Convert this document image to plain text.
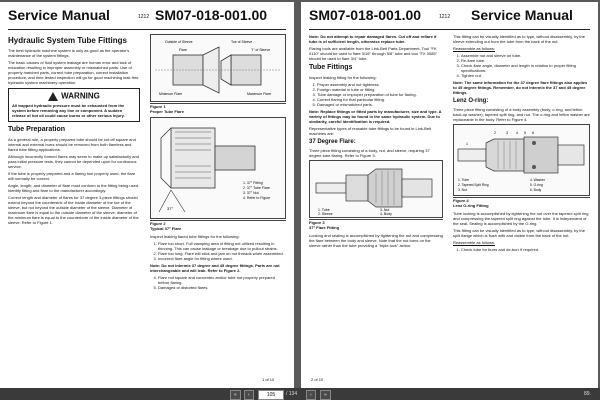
Service Manual	1212 SM07-018-001.00
Hydraulic System Tube Fittings

The best hydraulic machine system is only as good as the operator's maintenance of the system fittings.

The basic causes of fluid system leakage are human error and lack of education resulting in improper assembly or mismatched parts. Use of properly matched parts, correct tube preparation, correct installation procedure, and time tested inspection will go for good machining leak free hydraulic system machinery operation.

WARNING
All trapped hydraulic pressure must be exhausted from the system before removing any line or component. A sudden release of hot oil could cause burns or other serious injury.
Tube Preparation

As a general rule, a properly prepared tube should be cut off square and internal and external burrs should be removed from both flareless and flared tube fitting applications.

Although incorrectly formed flares may seem to make up satisfactorily and pass initial pressure tests, they cannot be depended upon for continuous service.

If the tube is properly prepared and a flaring tool properly used, the flare will normally be correct.

Angle, length, and diameter of flare must conform to the fitting being used. Identify fitting and flare to the manufacturer accordingly.

Correct length and diameter of flares for 37 degree 3-piece fittings should extend beyond the countersink of the inside diameter of the toe of the sleeve, but not beyond the outside diameter of the sleeve. Diameter of maximum flare is equal to the outside diameter of the sleeve; diameter of the minimum flare is equal to the counterbore of the inside diameter of the sleeve. Refer to Figure 1.

Outside of Sleeve	Toe of Sleeve
Flare	"I" of Sleeve
Minimum Flare	Maximum Flare
Figure 1
Proper Tube Flare
37°
1. 37° Fitting
2. 37° Tube Flare
3. 37° Nut
4. Refer to Figure
Figure 2
Typical 37° Flare

Inspect leaking flared tube fittings for the following:

1. Flare too short. Full clamping area of fitting not utilized resulting in thinning. This can cause leakage or breakage due to pullout strains.
2. Flare too long. Flare will stick and jam on nut threads when assembled.
3. Incorrect flare angle for fitting where used.

Note: Do not intermix 37 degree and 45 degree fittings. Parts are not interchangeable and will leak. Refer to Figure 2.

4. Flare not square and concentric and/or tube not properly prepared before flaring.
5. Damaged or distorted flares.
1 of 10
SM07-018-001.00	1212 Service Manual

Note: Do not attempt to repair damaged flares. Cut off and reflare if tube is of sufficient length, otherwise replace tube.

Flaring tools are available from the Link-Belt Parts Department. Tool "FK 0110" should be used to flare 3/16" through 5/8" tube and tool "FX 0085" should be used to flare 3/4" tube.

Tube Fittings

Inspect leaking fitting for the following:

1. Proper assembly and nut tightness.
2. Foreign material in tube or fitting.
3. Tube damage or improper preparation of tube for flaring.
4. Correct flaring for that particular fitting.
5. Damaged or mismatched parts.

Note: Replace fittings or fitted parts by manufacturer, size and type. A variety of fittings may be found in the same hydraulic system. Due to similarity, careful identification is required.

Representative types of reusable tube fittings to be found in Link-Belt machines are:

37 Degree Flare:

Three piece fitting consisting of a body, nut, and sleeve, requiring 37 degree tube flaring. Refer to Figure 3.

1. Tube
2. Sleeve
3. Nut
4. Body
Figure 3
37° Flare Fitting

Looking and sealing is accomplished by tightening the nut and compressing the flare between the body and sleeve. Note that the nut turns on the sleeve rather than the tube providing a "triple-lock" action.

This fitting can be visually identified as to type, without disassembly, by the sleeve extending out from the tube from the back of the nut.

Reassemble as follows:

1. Assemble nut and sleeve on tube.
2. Re-flare tube.
3. Check flare angle, diameter and length in relation to proper fitting specifications.
4. Tighten nut.

Note: The same information for the 37 degree flare fittings also applies to 45 degree fittings. Remember, do not intermix the 37 and 45 degree fittings.

Lenz O-ring:

Three piece fitting consisting of a body assembly (body, o-ring, and teflon back-up washer), tapered split ring, and nut. The o-ring and teflon washer are replaceable in the body. Refer to Figure 4.

2	3 4 5 6
1
1. Tube
2. Tapered Split Ring
3. Nut
4. Washer
5. O-ring
6. Body
Figure 4
Lenz O-ring Fitting

Tube locking is accomplished by tightening the nut over the tapered split ring and compressing the tapered split ring against the tube. It is independent of the seal. Sealing is accomplished by the O-ring.

This fitting can be visually identified as to type, without disassembly, by the split flange which is flush with and visible from the back of the nut.

Reassemble as follows:

1. Check tube for burrs and de-burr if required.
2 of 10
«	‹	105	/ 134	›	»	89.
